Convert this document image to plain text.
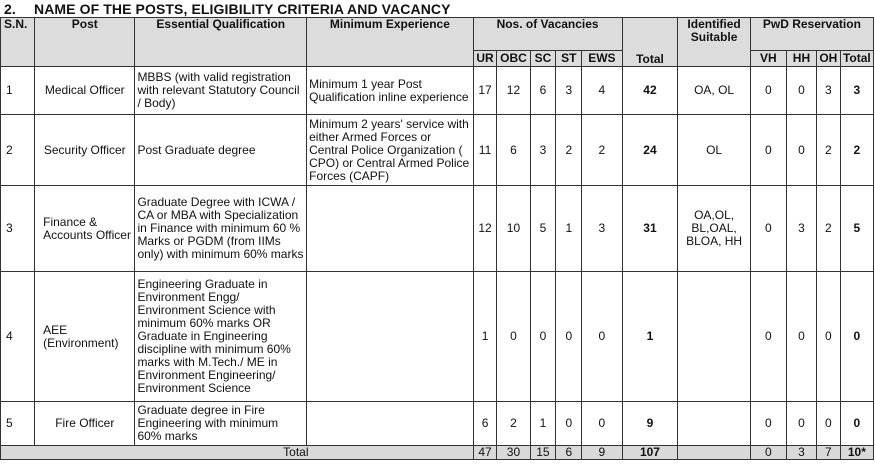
2. NAME OF THE POSTS, ELIGIBILITY CRITERIA AND VACANCY
S.N.	Post	Essential Qualification	Minimum Experience	Nos. of Vacancies					Total	Identified Suitable	PwD Reservation			
				UR	OBC	SC	ST	EWS			VH	HH	OH	Total
1	Medical Officer	MBBS (with valid registration with relevant Statutory Council / Body)	Minimum 1 year Post Qualification inline experience	17	12	6	3	4	42	OA, OL	0	0	3	3
2	Security Officer	Post Graduate degree	Minimum 2 years' service with either Armed Forces or Central Police Organization ( CPO) or Central Armed Police Forces (CAPF)	11	6	3	2	2	24	OL	0	0	2	2
3	Finance & Accounts Officer	Graduate Degree with ICWA / CA or MBA with Specialization in Finance with minimum 60 % Marks or PGDM (from IIMs only) with minimum 60% marks		12	10	5	1	3	31	OA,OL, BL,OAL, BLOA, HH	0	3	2	5
4	AEE (Environment)	Engineering Graduate in Environment Engg/ Environment Science with minimum 60% marks OR Graduate in Engineering discipline with minimum 60% marks with M.Tech./ ME in Environment Engineering/ Environment Science		1	0	0	0	0	1		0	0	0	0
5	Fire Officer	Graduate degree in Fire Engineering with minimum 60% marks		6	2	1	0	0	9		0	0	0	0
Total				47	30	15	6	9	107		0	3	7	10*
